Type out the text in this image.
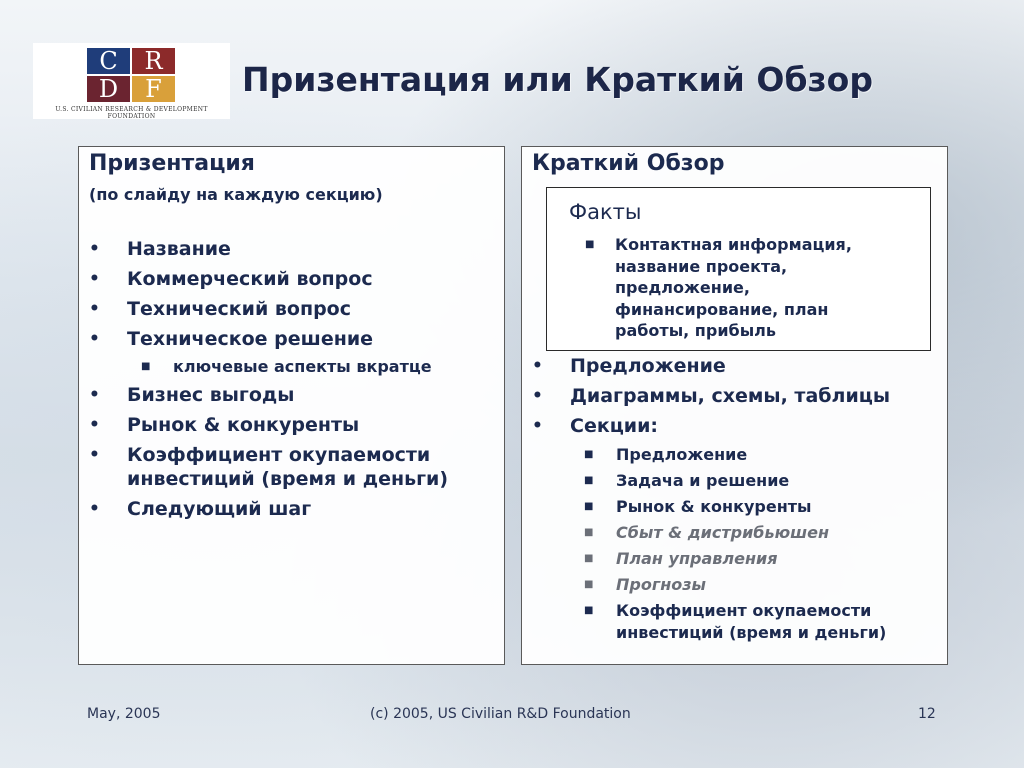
C	R
D	F
U.S. CIVILIAN RESEARCH & DEVELOPMENT FOUNDATION
Призентация или Краткий Обзор
Призентация
(по слайду на каждую секцию)
• Название
• Коммерческий вопрос
• Технический вопрос
• Техническое решение
■ ключевые аспекты вкратце
• Бизнес выгоды
• Рынок & конкуренты
• Коэффициент окупаемости инвестиций (время и деньги)
• Следующий шаг
Краткий Обзор
Факты
■ Контактная информация, название проекта, предложение, финансирование, план работы, прибыль
• Предложение
• Диаграммы, схемы, таблицы
• Секции:
■ Предложение
■ Задача и решение
■ Рынок & конкуренты
■ Сбыт & дистрибьюшен
■ План управления
■ Прогнозы
■ Коэффициент окупаемости инвестиций (время и деньги)
May, 2005	(c) 2005, US Civilian R&D Foundation	12
